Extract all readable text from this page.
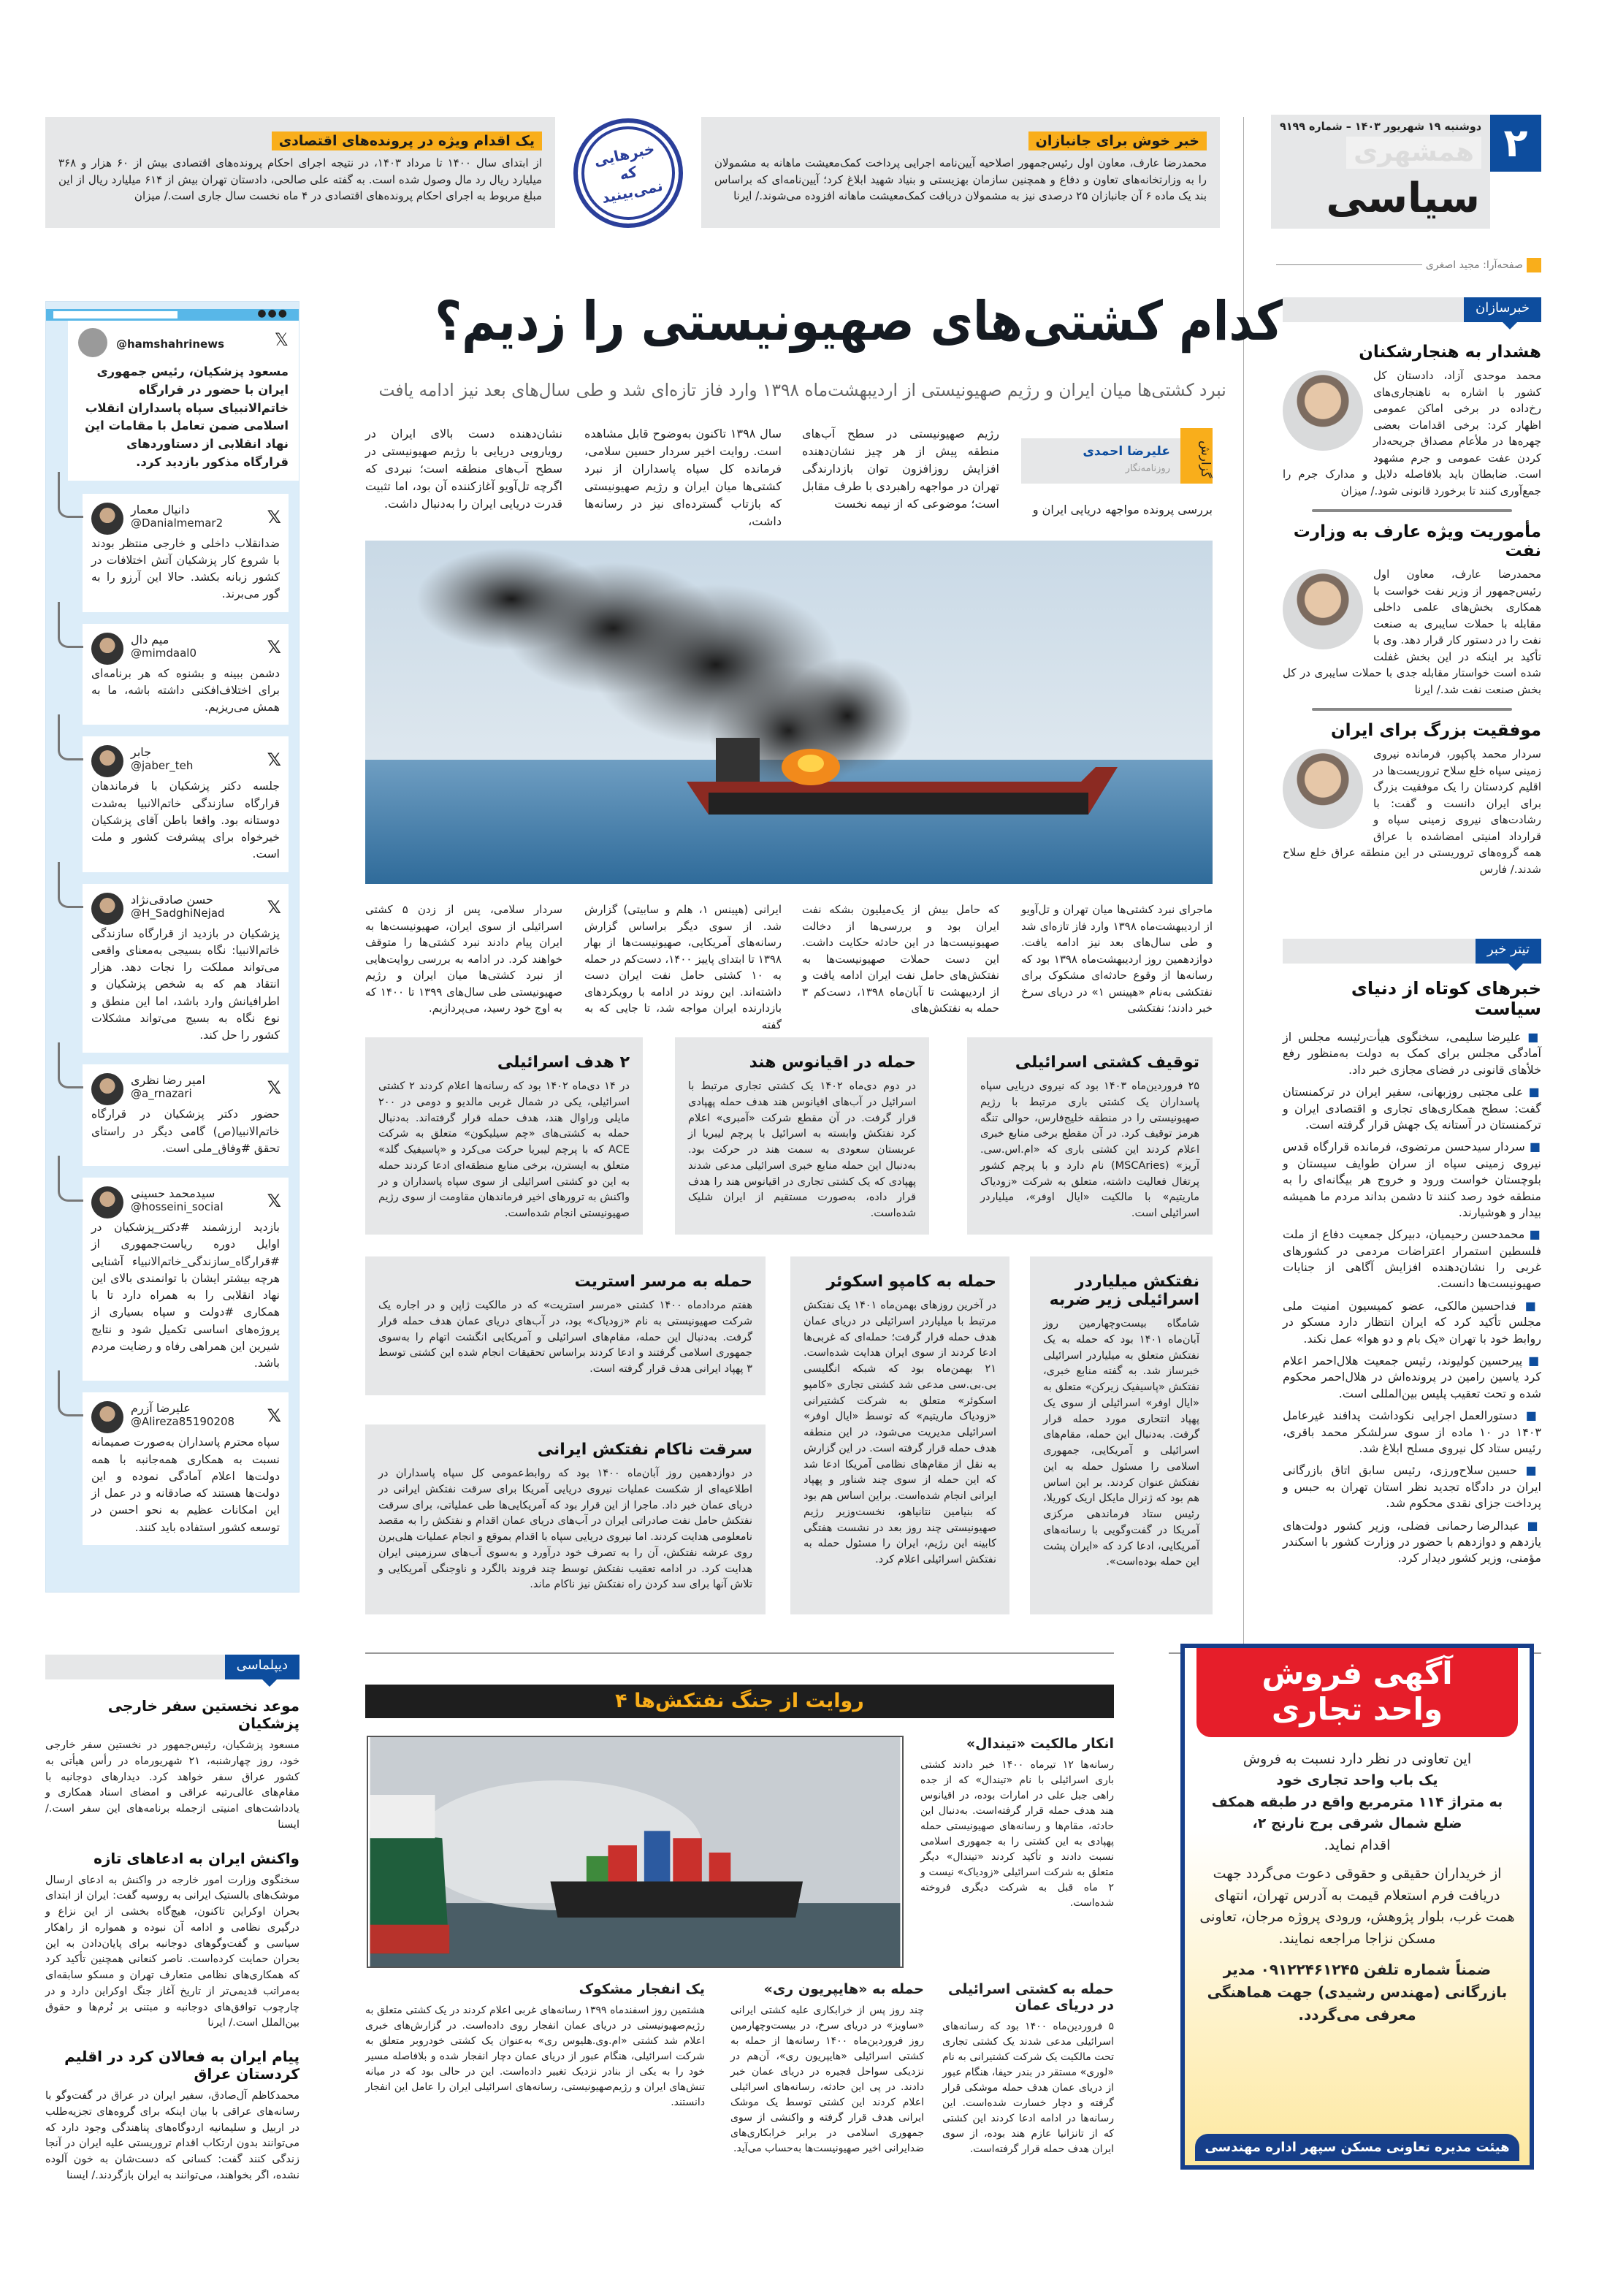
دوشنبه ۱۹ شهریور ۱۴۰۳ – شماره ۹۱۹۹
همشهری
سیاسی
۲
صفحه‌آرا: مجید اصغری
خبر خوش برای جانبازان
محمدرضا عارف، معاون اول رئیس‌جمهور اصلاحیه آیین‌نامه اجرایی پرداخت کمک‌معیشت ماهانه به مشمولان را به وزارتخانه‌های تعاون و دفاع و همچنین سازمان بهزیستی و بنیاد شهید ابلاغ کرد؛ آیین‌نامه‌ای که براساس بند یک ماده ۶ آن جانبازان ۲۵ درصدی نیز به مشمولان دریافت کمک‌معیشت ماهانه افزوده می‌شوند./ ایرنا
یک اقدام ویژه در پرونده‌های اقتصادی
از ابتدای سال ۱۴۰۰ تا مرداد ۱۴۰۳، در نتیجه اجرای احکام پرونده‌های اقتصادی بیش از ۶۰ هزار و ۳۶۸ میلیارد ریال رد مال وصول شده است. به گفته علی صالحی، دادستان تهران بیش از ۶۱۴ میلیارد ریال از این مبلغ مربوط به اجرای احکام پرونده‌های اقتصادی در ۴ ماه نخست سال جاری است./ میزان
خبرهایی که نمی‌بینید
●●●
@hamshahrinews	𝕏
مسعود پزشکیان، رئیس جمهوری ایران با حضور در قرارگاه خاتم‌الانبیای سپاه پاسداران انقلاب اسلامی ضمن تعامل با مقامات این نهاد انقلابی از دستاوردهای قرارگاه مذکور بازدید کرد.
دانیال معمار
@Danialmemar2	𝕏
ضدانقلاب داخلی و خارجی منتظر بودند با شروع کار پزشکیان آتش اختلافات در کشور زبانه بکشد. حالا این آرزو را به گور می‌برند.
میم دال
@mimdaal0	𝕏
دشمن ببینه و بشنوه که هر برنامه‌ای برای اختلاف‌افکنی داشته باشه، ما به همش می‌ریزیم.
جابر
@jaber_teh	𝕏
جلسه دکتر پزشکیان با فرماندهان قرارگاه سازندگی خاتم‌الانبیا به‌شدت دوستانه بود. واقعا باطن آقای پزشکیان خیرخواه برای پیشرفت کشور و ملت است.
حسن صادقی‌نژاد
@H_SadghiNejad	𝕏
پزشکیان در بازدید از قرارگاه سازندگی خاتم‌الانبیا: نگاه بسیجی به‌معنای واقعی می‌تواند مملکت را نجات دهد. هزار انتقاد هم که به شخص پزشکیان و اطرافیانش وارد باشد، اما این منطق و نوع نگاه به بسیج می‌تواند مشکلات کشور را حل کند.
امیر رضا نظری
@a_rnazari	𝕏
حضور دکتر پزشکیان در قرارگاه خاتم‌الانبیا(ص) گامی دیگر در راستای تحقق #وفاق_ملی است.
سیدمحمد حسینی
@hosseini_social	𝕏
بازدید ارزشمند #دکتر_پزشکیان در اوایل دوره ریاست‌جمهوری از #قرارگاه_سازندگی_خاتم‌الانبیاء آشنایی هرچه بیشتر ایشان با توانمندی بالای این نهاد انقلابی را به همراه دارد تا با همکاری #دولت و سپاه بسیاری از پروژه‌های اساسی تکمیل شود و نتایج شیرین این همراهی رفاه و رضایت مردم باشد.
علیرضا آزرم
@Alireza85190208	𝕏
سپاه محترم پاسداران به‌صورت صمیمانه نسبت به همکاری همه‌جانبه با همه دولت‌ها اعلام آمادگی نموده و این دولت‌ها هستند که صادقانه و در عمل از این امکانات عظیم به نحو احسن در توسعه کشور استفاده باید کنند.
کدام کشتی‌های صهیونیستی را زدیم؟
نبرد کشتی‌ها میان ایران و رژیم صهیونیستی از اردیبهشت‌ماه ۱۳۹۸ وارد فاز تازه‌ای شد و طی سال‌های بعد نیز ادامه یافت
گزارش
علیرضا احمدی
روزنامه‌نگار
بررسی پرونده مواجهه دریایی ایران و
رژیم صهیونیستی در سطح آب‌های منطقه پیش از هر چیز نشان‌دهنده افزایش روزافزون توان بازدارندگی تهران در مواجهه راهبردی با طرف مقابل است؛ موضوعی که از نیمه نخست
سال ۱۳۹۸ تاکنون به‌وضوح قابل مشاهده است. روایت اخیر سردار حسین سلامی، فرمانده کل سپاه پاسداران از نبرد کشتی‌ها میان ایران و رژیم صهیونیستی که بازتاب گسترده‌ای نیز در رسانه‌ها داشت،
نشان‌دهنده دست بالای ایران در رویارویی دریایی با رژیم صهیونیستی در سطح آب‌های منطقه است؛ نبردی که اگرچه تل‌آویو آغازکننده آن بود، اما تثبیت قدرت دریایی ایران را به‌دنبال داشت.
ماجرای نبرد کشتی‌ها میان تهران و تل‌آویو از اردیبهشت‌ماه ۱۳۹۸ وارد فاز تازه‌ای شد و طی سال‌های بعد نیز ادامه یافت. دوازدهمین روز اردیبهشت‌ماه ۱۳۹۸ بود که رسانه‌ها از وقوع حادثه‌ای مشکوک برای نفتکشی به‌نام «هپینس ۱» در دریای سرخ خبر دادند؛ نفتکشی
که حامل بیش از یک‌میلیون بشکه نفت ایران بود و بررسی‌ها از دخالت صهیونیست‌ها در این حادثه حکایت داشت. این دست حملات صهیونیست‌ها به نفتکش‌های حامل نفت ایران ادامه یافت و از اردیبهشت تا آبان‌ماه ۱۳۹۸، دست‌کم ۳ حمله به نفتکش‌های
ایرانی (هپینس ۱، هلم و سابیتی) گزارش شد. از سوی دیگر براساس گزارش رسانه‌های آمریکایی، صهیونیست‌ها از بهار ۱۳۹۸ تا ابتدای پاییز ۱۴۰۰، دست‌کم در حمله به ۱۰ کشتی حامل نفت ایران دست داشته‌اند. این روند در ادامه با رویکردهای بازدارنده ایران مواجه شد، تا جایی که به گفته
سردار سلامی، پس از زدن ۵ کشتی اسرائیلی از سوی ایران، صهیونیست‌ها به ایران پیام دادند نبرد کشتی‌ها را متوقف خواهند کرد. در ادامه به بررسی روایت‌هایی از نبرد کشتی‌ها میان ایران و رژیم صهیونیستی طی سال‌های ۱۳۹۹ تا ۱۴۰۰ که به اوج خود رسید، می‌پردازیم.
توقیف کشتی اسرائیلی
۲۵ فروردین‌ماه ۱۴۰۳ بود که نیروی دریایی سپاه پاسداران یک کشتی باری مرتبط با رژیم صهیونیستی را در منطقه خلیج‌فارس، حوالی تنگه هرمز توقیف کرد. در آن مقطع برخی منابع خبری اعلام کردند این کشتی باری که «ام.اس.سی. آریز» (MSCAries) نام دارد و با پرچم کشور پرتغال فعالیت داشته، متعلق به شرکت «زودیاک ماریتیم» با مالکیت «ایال اوفر»، میلیاردر اسرائیلی است.
حمله در اقیانوس هند
در دوم دی‌ماه ۱۴۰۲ یک کشتی تجاری مرتبط با اسرائیل در آب‌های اقیانوس هند هدف حمله پهپادی قرار گرفت. در آن مقطع شرکت «آمبری» اعلام کرد نفتکش وابسته به اسرائیل با پرچم لیبریا از عربستان سعودی به سمت هند در حرکت بود. به‌دنبال این حمله منابع خبری اسرائیلی مدعی شدند پهپادی که یک کشتی تجاری در اقیانوس هند را هدف قرار داده، به‌صورت مستقیم از ایران شلیک شده‌است.
۲ هدف اسرائیلی
در ۱۴ دی‌ماه ۱۴۰۲ بود که رسانه‌ها اعلام کردند ۲ کشتی اسرائیلی، یکی در شمال غربی مالدیو و دومی در ۲۰۰ مایلی وراوال هند، هدف حمله قرار گرفته‌اند. به‌دنبال حمله به کشتی‌های «چم سیلیکون» متعلق به شرکت ACE که با پرچم لیبریا حرکت می‌کرد و «پاسیفیک گلد» متعلق به ایسترن، برخی منابع منطقه‌ای ادعا کردند حمله به این دو کشتی اسرائیلی از سوی سپاه پاسداران و در واکنش به ترورهای اخیر فرماندهان مقاومت از سوی رژیم صهیونیستی انجام شده‌است.
نفتکش میلیاردر اسرائیلی زیر ضربه
شامگاه بیست‌وچهارمین روز آبان‌ماه ۱۴۰۱ بود که حمله به یک نفتکش متعلق به میلیاردر اسرائیلی خبرساز شد. به گفته منابع خبری، نفتکش «پاسیفیک زیرکن» متعلق به «ایال اوفر» اسرائیلی از سوی یک پهپاد انتحاری مورد حمله قرار گرفت. به‌دنبال این حمله، مقام‌های اسرائیلی و آمریکایی، جمهوری اسلامی را مسئول حمله به این نفتکش عنوان کردند. بر این اساس هم بود که ژنرال مایکل اریک کوریلا، رئیس ستاد فرماندهی مرکزی آمریکا در گفت‌وگویی با رسانه‌های آمریکایی، ادعا کرد که «ایران پشت این حمله بوده‌است».
حمله به کامپو اسکوئر
در آخرین روزهای بهمن‌ماه ۱۴۰۱ یک نفتکش مرتبط با میلیاردر اسرائیلی در دریای عمان هدف حمله قرار گرفت؛ حمله‌ای که غربی‌ها ادعا کردند از سوی ایران هدایت شده‌است. ۲۱ بهمن‌ماه بود که شبکه انگلیسی بی.بی.سی مدعی شد کشتی تجاری «کامپو اسکوئر» متعلق به شرکت کشتیرانی «زودیاک ماریتیم» که توسط «ایال اوفر» اسرائیلی مدیریت می‌شود، در این منطقه هدف حمله قرار گرفته است. در این گزارش به نقل از مقام‌های نظامی آمریکا ادعا شد که این حمله از سوی چند شناور و پهپاد ایرانی انجام شده‌است. براین اساس هم بود که بنیامین نتانیاهو، نخست‌وزیر رژیم صهیونیستی چند روز بعد در نشست هفتگی کابینه این رژیم، ایران را مسئول حمله به نفتکش اسرائیلی اعلام کرد.
حمله به مرسر استریت
هفتم مردادماه ۱۴۰۰ کشتی «مرسر استریت» که در مالکیت ژاپن و در اجاره یک شرکت صهیونیستی به نام «زودیاک» بود، در آب‌های دریای عمان هدف حمله قرار گرفت. به‌دنبال این حمله، مقام‌های اسرائیلی و آمریکایی انگشت اتهام را به‌سوی جمهوری اسلامی گرفتند و ادعا کردند براساس تحقیقات انجام شده این کشتی توسط ۳ پهپاد ایرانی هدف قرار گرفته است.
سرقت ناکام نفتکش ایرانی
در دوازدهمین روز آبان‌ماه ۱۴۰۰ بود که روابط‌عمومی کل سپاه پاسداران در اطلاعیه‌ای از شکست عملیات نیروی دریایی آمریکا برای سرقت نفتکش ایرانی در دریای عمان خبر داد. ماجرا از این قرار بود که آمریکایی‌ها طی عملیاتی، برای سرقت نفتکش حامل نفت صادراتی ایران در آب‌های دریای عمان اقدام و نفتکش را به مقصد نامعلومی هدایت کردند. اما نیروی دریایی سپاه با اقدام بموقع و انجام عملیات هلی‌برن روی عرشه نفتکش، آن را به تصرف خود درآورد و به‌سوی آب‌های سرزمینی ایران هدایت کرد. در ادامه تعقیب نفتکش توسط چند فروند بالگرد و ناوجنگی آمریکایی و تلاش آنها برای سد کردن راه نفتکش نیز ناکام ماند.
خبرسازان
هشدار به هنجارشکنان
محمد موحدی آزاد، دادستان کل کشور با اشاره به ناهنجاری‌های رخ‌داده در برخی اماکن عمومی اظهار کرد: برخی اقدامات بعضی چهره‌ها در ملأعام مصداق جریحه‌دار کردن عفت عمومی و جرم مشهود است. ضابطان باید بلافاصله دلایل و مدارک جرم را جمع‌آوری کنند تا برخورد قانونی شود./ میزان
مأموریت ویژه عارف به وزارت نفت
محمدرضا عارف، معاون اول رئیس‌جمهور از وزیر نفت خواست با همکاری بخش‌های علمی داخلی مقابله با حملات سایبری به صنعت نفت را در دستور کار قرار دهد. وی با تأکید بر اینکه در این بخش غفلت شده است خواستار مقابله جدی با حملات سایبری در کل بخش صنعت نفت شد./ ایرنا
موفقیت بزرگ برای ایران
سردار محمد پاکپور، فرمانده نیروی زمینی سپاه خلع سلاح تروریست‌ها در اقلیم کردستان را یک موفقیت بزرگ برای ایران دانست و گفت: با رشادت‌های نیروی زمینی سپاه و قرارداد امنیتی امضاشده با عراق همه گروه‌های تروریستی در این منطقه عراق خلع سلاح شدند./ فارس
تیتر خبر
خبرهای کوتاه از دنیای سیاست
■ علیرضا سلیمی، سخنگوی هیأت‌رئیسه مجلس از آمادگی مجلس برای کمک به دولت به‌منظور رفع خلأهای قانونی در فضای مجازی خبر داد.
■ علی مجتبی روزبهانی، سفیر ایران در ترکمنستان گفت: سطح همکاری‌های تجاری و اقتصادی ایران و ترکمنستان در آستانه یک جهش قرار گرفته است.
■ سردار سیدحسن مرتضوی، فرمانده قرارگاه قدس نیروی زمینی سپاه از سران طوایف سیستان و بلوچستان خواست ورود و خروج هر بیگانه‌ای را به منطقه خود رصد کنند تا دشمن بداند مردم ما همیشه بیدار و هوشیارند.
■ محمدحسن رحیمیان، دبیرکل جمعیت دفاع از ملت فلسطین استمرار اعتراضات مردمی در کشورهای غربی را نشان‌دهنده افزایش آگاهی از جنایات صهیونیست‌ها دانست.
■ فداحسین مالکی، عضو کمیسیون امنیت ملی مجلس تأکید کرد که ایران انتظار دارد مسکو در روابط خود با تهران «یک بام و دو هوا» عمل نکند.
■ پیرحسین کولیوند، رئیس جمعیت هلال‌احمر اعلام کرد یاسین رامین در پرونده‌اش در هلال‌احمر محکوم شده و تحت تعقیب پلیس بین‌المللی است.
■ دستورالعمل اجرایی نکوداشت پدافند غیرعامل ۱۴۰۳ در ۱۰ ماده از سوی سرلشکر محمد باقری، رئیس ستاد کل نیروی مسلح ابلاغ شد.
■ حسین سلاح‌ورزی، رئیس سابق اتاق بازرگانی ایران در دادگاه تجدید نظر استان تهران به حبس و پرداخت جزای نقدی محکوم شد.
■ عبدالرضا رحمانی فضلی، وزیر کشور دولت‌های یازدهم و دوازدهم با حضور در وزارت کشور با اسکندر مؤمنی، وزیر کشور دیدار کرد.
دیپلماسی
موعد نخستین سفر خارجی پزشکیان
مسعود پزشکیان، رئیس‌جمهور در نخستین سفر خارجی خود، روز چهارشنبه، ۲۱ شهریورماه در رأس هیأتی به کشور عراق سفر خواهد کرد. دیدارهای دوجانبه با مقام‌های عالی‌رتبه عراقی و امضای اسناد همکاری و یادداشت‌های امنیتی ازجمله برنامه‌های این سفر است./ ایسنا
واکنش ایران به ادعاهای تازه
سخنگوی وزارت امور خارجه در واکنش به ادعای ارسال موشک‌های بالستیک ایرانی به روسیه گفت: ایران از ابتدای بحران اوکراین تاکنون، هیچ‌گاه بخشی از این نزاع و درگیری نظامی و ادامه آن نبوده و همواره از راهکار سیاسی و گفت‌وگوهای دوجانبه برای پایان‌دادن به این بحران حمایت کرده‌است. ناصر کنعانی همچنین تأکید کرد که همکاری‌های نظامی متعارف تهران و مسکو سابقه‌ای به‌مراتب قدیمی‌تر از تاریخ آغاز جنگ اوکراین دارد و در چارچوب توافق‌های دوجانبه و مبتنی بر نُرم‌ها و حقوق بین‌الملل است./ ایرنا
پیام ایران به فعالان کرد در اقلیم کردستان عراق
محمدکاظم آل‌صادق، سفیر ایران در عراق در گفت‌وگو با رسانه‌های عراقی با بیان اینکه برای گروه‌های تجزیه‌طلب در اربیل و سلیمانیه اردوگاه‌های پناهندگی وجود دارد که می‌توانند بدون ارتکاب اقدام تروریستی علیه ایران در آنجا زندگی کنند گفت: کسانی که دست‌شان به خون آلوده نشده، اگر بخواهند، می‌توانند به ایران بازگردند./ ایسنا
۴ روایت از جنگ نفتکش‌ها
انکار مالکیت «تیندال»
رسانه‌ها ۱۲ تیرماه ۱۴۰۰ خبر دادند کشتی باری اسرائیلی با نام «تیندال» که از جده راهی جبل علی در امارات بوده، در اقیانوس هند هدف حمله قرار گرفته‌است. به‌دنبال این حادثه، مقام‌ها و رسانه‌های صهیونیستی حمله پهپادی به این کشتی را به جمهوری اسلامی نسبت دادند و تأکید کردند «تیندال» دیگر متعلق به شرکت اسرائیلی «زودیاک» نیست و ۲ ماه قبل به شرکت دیگری فروخته شده‌است.
حمله به کشتی اسرائیلی در دریای عمان
۵ فروردین‌ماه ۱۴۰۰ بود که رسانه‌های اسرائیلی مدعی شدند یک کشتی تجاری تحت مالکیت یک شرکت کشتیرانی به نام «لوری» مستقر در بندر حیفا، هنگام عبور از دریای عمان هدف حمله موشکی قرار گرفته و دچار خسارت شده‌است. این رسانه‌ها در ادامه ادعا کردند این کشتی که از تانزانیا عازم هند بوده، از سوی ایران هدف حمله قرار گرفته‌است.
حمله به «هایپریون ری»
چند روز پس از خرابکاری علیه کشتی ایرانی «ساویز» در دریای سرخ، در بیست‌وچهارمین روز فروردین‌ماه ۱۴۰۰ رسانه‌ها از حمله به کشتی اسرائیلی «هایپریون ری»، آن‌هم در نزدیکی سواحل فجیره در دریای عمان خبر دادند. در پی این حادثه، رسانه‌های اسرائیلی اعلام کردند این کشتی توسط یک موشک ایرانی هدف قرار گرفته و واکنشی از سوی جمهوری اسلامی در برابر خرابکاری‌های ضدایرانی اخیر صهیونیست‌ها به‌حساب می‌آید.
یک انفجار مشکوک
هشتمین روز اسفندماه ۱۳۹۹ رسانه‌های غربی اعلام کردند در یک کشتی متعلق به رژیم‌صهیونیستی در دریای عمان انفجار روی داده‌است. در گزارش‌های خبری اعلام شد کشتی «ام.وی.هلیوس ری» به‌عنوان یک کشتی خودروبر متعلق به شرکت اسرائیلی، هنگام عبور از دریای عمان دچار انفجار شده و بلافاصله مسیر خود را به یکی از بنادر نزدیک تغییر داده‌است. این در حالی بود که در میانه تنش‌های ایران و رژیم‌صهیونیستی، رسانه‌های اسرائیلی ایران را عامل این انفجار دانستند.
آگهی فروش
واحد تجاری
این تعاونی در نظر دارد نسبت به فروش
یک باب واحد تجاری خود
به متراژ ۱۱۴ مترمربع واقع در طبقه همکف ضلع شمال شرقی برج نارنج ۲،
اقدام نماید.
از خریداران حقیقی و حقوقی دعوت می‌گردد جهت دریافت فرم استعلام قیمت به آدرس تهران، انتهای همت غرب، بلوار پژوهش، ورودی پروژه مرجان، تعاونی مسکن نزاجا مراجعه نمایند.
ضمناً شماره تلفن ۰۹۱۲۲۴۶۱۲۴۵ مدیر بازرگانی (مهندس رشیدی) جهت هماهنگی معرفی می‌گردد.
هیئت مدیره تعاونی مسکن سپهر اداره مهندسی
